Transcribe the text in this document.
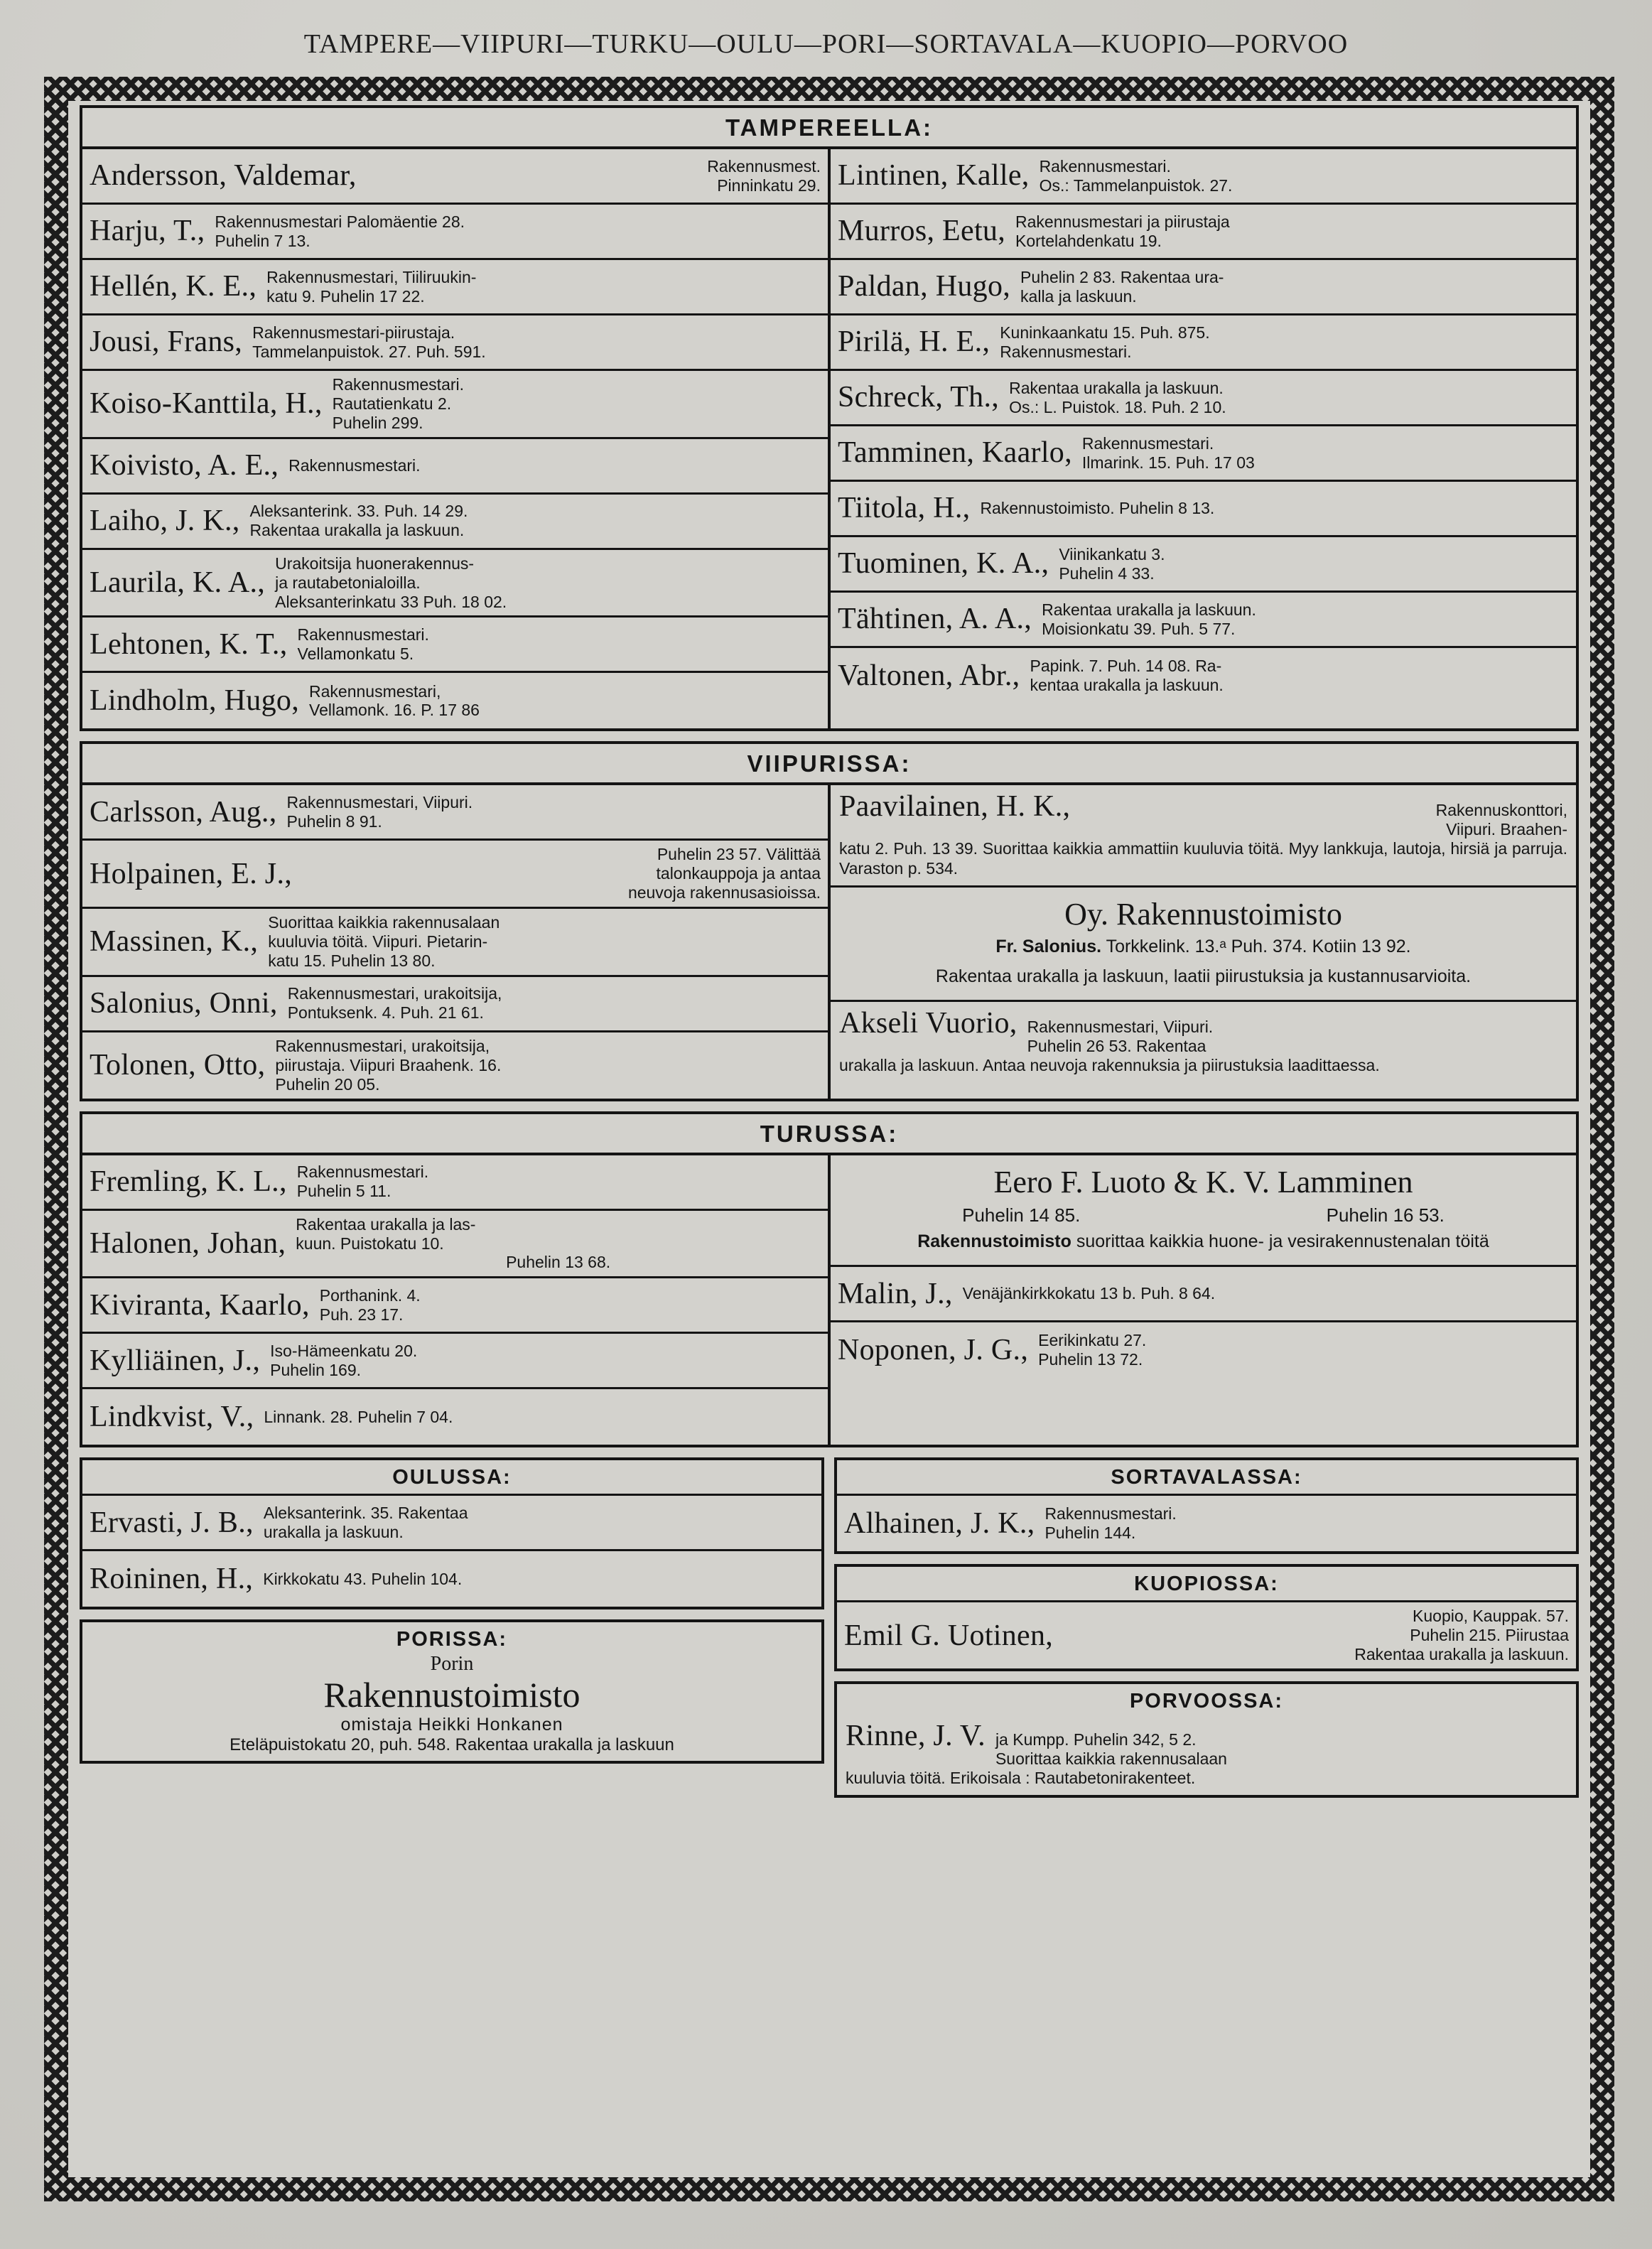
TAMPERE—VIIPURI—TURKU—OULU—PORI—SORTAVALA—KUOPIO—PORVOO
TAMPEREELLA:
Andersson, Valdemar,	Rakennusmest.
Pinninkatu 29.
Harju, T., Rakennusmestari Palomäentie 28.
Puhelin 7 13.
Hellén, K. E., Rakennusmestari, Tiiliruukin-
katu 9. Puhelin 17 22.
Jousi, Frans, Rakennusmestari-piirustaja.
Tammelanpuistok. 27. Puh. 591.
Koiso-Kanttila, H.,
Rakennusmestari.
Rautatienkatu 2.
Puhelin 299.
Koivisto, A. E., Rakennusmestari.
Laiho, J. K., Aleksanterink. 33. Puh. 14 29.
Rakentaa urakalla ja laskuun.
Laurila, K. A.,
Urakoitsija huonerakennus-
ja rautabetonialoilla.
Aleksanterinkatu 33 Puh. 18 02.
Lehtonen, K. T., Rakennusmestari.
Vellamonkatu 5.
Lindholm, Hugo, Rakennusmestari,
Vellamonk. 16. P. 17 86
Lintinen, Kalle, Rakennusmestari.
Os.: Tammelanpuistok. 27.
Murros, Eetu, Rakennusmestari ja piirustaja
Kortelahdenkatu 19.
Paldan, Hugo, Puhelin 2 83. Rakentaa ura-
kalla ja laskuun.
Pirilä, H. E., Kuninkaankatu 15. Puh. 875.
Rakennusmestari.
Schreck, Th., Rakentaa urakalla ja laskuun.
Os.: L. Puistok. 18. Puh. 2 10.
Tamminen, Kaarlo, Rakennusmestari.
Ilmarink. 15. Puh. 17 03
Tiitola, H., Rakennustoimisto. Puhelin 8 13.
Tuominen, K. A., Viinikankatu 3.
Puhelin 4 33.
Tähtinen, A. A., Rakentaa urakalla ja laskuun.
Moisionkatu 39. Puh. 5 77.
Valtonen, Abr., Papink. 7. Puh. 14 08. Ra-
kentaa urakalla ja laskuun.
VIIPURISSA:
Carlsson, Aug., Rakennusmestari, Viipuri.
Puhelin 8 91.
Holpainen, E. J.,
Puhelin 23 57. Välittää
talonkauppoja ja antaa
neuvoja rakennusasioissa.
Massinen, K.,
Suorittaa kaikkia rakennusalaan
kuuluvia töitä. Viipuri. Pietarin-
katu 15. Puhelin 13 80.
Salonius, Onni, Rakennusmestari, urakoitsija,
Pontuksenk. 4. Puh. 21 61.
Tolonen, Otto,
Rakennusmestari, urakoitsija,
piirustaja. Viipuri Braahenk. 16.
Puhelin 20 05.
Paavilainen, H. K.,	Rakennuskonttori,
Viipuri. Braahen-
katu 2. Puh. 13 39. Suorittaa kaikkia ammattiin kuuluvia töitä. Myy lankkuja, lautoja, hirsiä ja parruja. Varaston p. 534.
Oy. Rakennustoimisto
Fr. Salonius. Torkkelink. 13.ᵃ Puh. 374. Kotiin 13 92.
Rakentaa urakalla ja laskuun, laatii piirustuksia ja kustannusarvioita.
Akseli Vuorio, Rakennusmestari, Viipuri.
Puhelin 26 53. Rakentaa
urakalla ja laskuun. Antaa neuvoja rakennuksia ja piirustuksia laadittaessa.
TURUSSA:
Fremling, K. L., Rakennusmestari.
Puhelin 5 11.
Halonen, Johan,
Rakentaa urakalla ja las-
kuun. Puistokatu 10.
Puhelin 13 68.
Kiviranta, Kaarlo, Porthanink. 4.
Puh. 23 17.
Kylliäinen, J., Iso-Hämeenkatu 20.
Puhelin 169.
Lindkvist, V., Linnank. 28. Puhelin 7 04.
Eero F. Luoto & K. V. Lamminen
Puhelin 14 85.	Puhelin 16 53.
Rakennustoimisto suorittaa kaikkia huone- ja vesirakennustenalan töitä
Malin, J., Venäjänkirkkokatu 13 b. Puh. 8 64.
Noponen, J. G., Eerikinkatu 27.
Puhelin 13 72.
OULUSSA:
Ervasti, J. B., Aleksanterink. 35. Rakentaa
urakalla ja laskuun.
Roininen, H., Kirkkokatu 43. Puhelin 104.
PORISSA:
Porin
Rakennustoimisto
omistaja Heikki Honkanen
Eteläpuistokatu 20, puh. 548. Rakentaa urakalla ja laskuun
SORTAVALASSA:
Alhainen, J. K., Rakennusmestari.
Puhelin 144.
KUOPIOSSA:
Emil G. Uotinen,
Kuopio, Kauppak. 57.
Puhelin 215. Piirustaa
Rakentaa urakalla ja laskuun.
PORVOOSSA:
Rinne, J. V. ja Kumpp. Puhelin 342, 5 2.
Suorittaa kaikkia rakennusalaan
kuuluvia töitä. Erikoisala : Rautabetonirakenteet.
